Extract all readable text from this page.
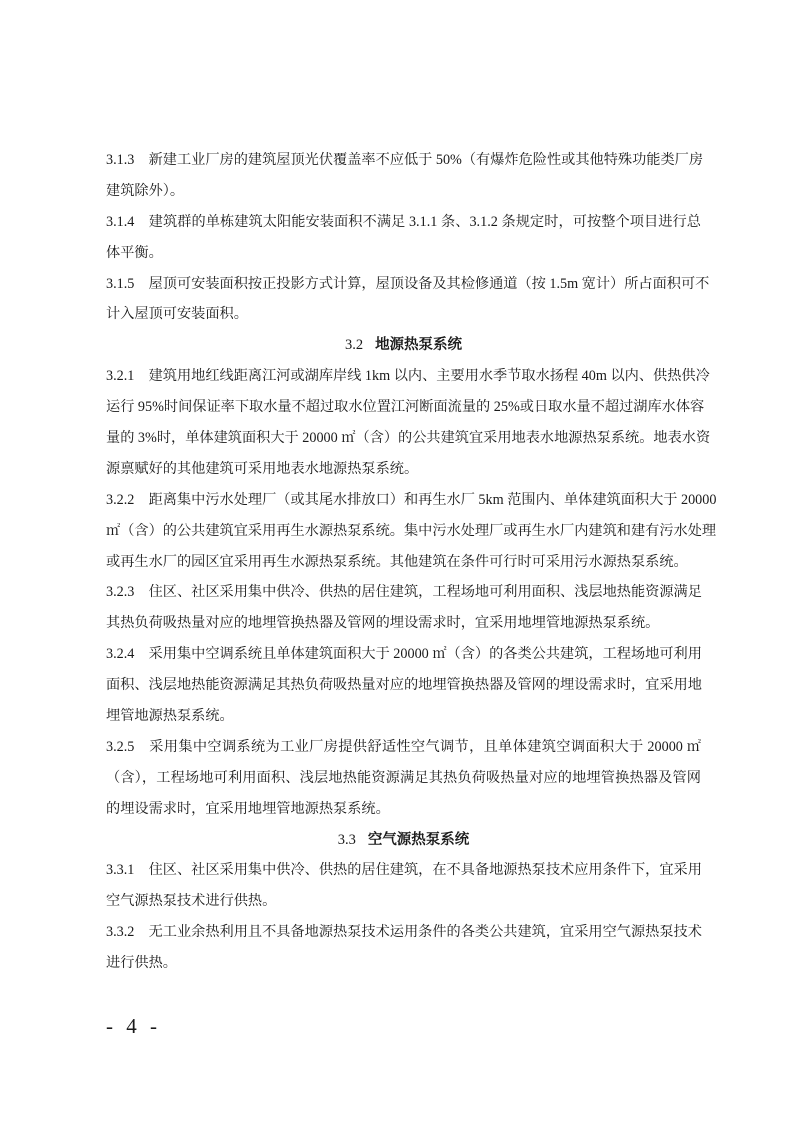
3.1.3　新建工业厂房的建筑屋顶光伏覆盖率不应低于 50%（有爆炸危险性或其他特殊功能类厂房
建筑除外）。
3.1.4　建筑群的单栋建筑太阳能安装面积不满足 3.1.1 条、3.1.2 条规定时，可按整个项目进行总
体平衡。
3.1.5　屋顶可安装面积按正投影方式计算，屋顶设备及其检修通道（按 1.5m 宽计）所占面积可不
计入屋顶可安装面积。
3.2 地源热泵系统
3.2.1　建筑用地红线距离江河或湖库岸线 1km 以内、主要用水季节取水扬程 40m 以内、供热供冷
运行 95%时间保证率下取水量不超过取水位置江河断面流量的 25%或日取水量不超过湖库水体容
量的 3%时，单体建筑面积大于 20000 ㎡（含）的公共建筑宜采用地表水地源热泵系统。地表水资
源禀赋好的其他建筑可采用地表水地源热泵系统。
3.2.2　距离集中污水处理厂（或其尾水排放口）和再生水厂 5km 范围内、单体建筑面积大于 20000
㎡（含）的公共建筑宜采用再生水源热泵系统。集中污水处理厂或再生水厂内建筑和建有污水处理
或再生水厂的园区宜采用再生水源热泵系统。其他建筑在条件可行时可采用污水源热泵系统。
3.2.3　住区、社区采用集中供冷、供热的居住建筑，工程场地可利用面积、浅层地热能资源满足
其热负荷吸热量对应的地埋管换热器及管网的埋设需求时，宜采用地埋管地源热泵系统。
3.2.4　采用集中空调系统且单体建筑面积大于 20000 ㎡（含）的各类公共建筑，工程场地可利用
面积、浅层地热能资源满足其热负荷吸热量对应的地埋管换热器及管网的埋设需求时，宜采用地
埋管地源热泵系统。
3.2.5　采用集中空调系统为工业厂房提供舒适性空气调节，且单体建筑空调面积大于 20000 ㎡
（含），工程场地可利用面积、浅层地热能资源满足其热负荷吸热量对应的地埋管换热器及管网
的埋设需求时，宜采用地埋管地源热泵系统。
3.3 空气源热泵系统
3.3.1　住区、社区采用集中供冷、供热的居住建筑，在不具备地源热泵技术应用条件下，宜采用
空气源热泵技术进行供热。
3.3.2　无工业余热利用且不具备地源热泵技术运用条件的各类公共建筑，宜采用空气源热泵技术
进行供热。
- 4 -
